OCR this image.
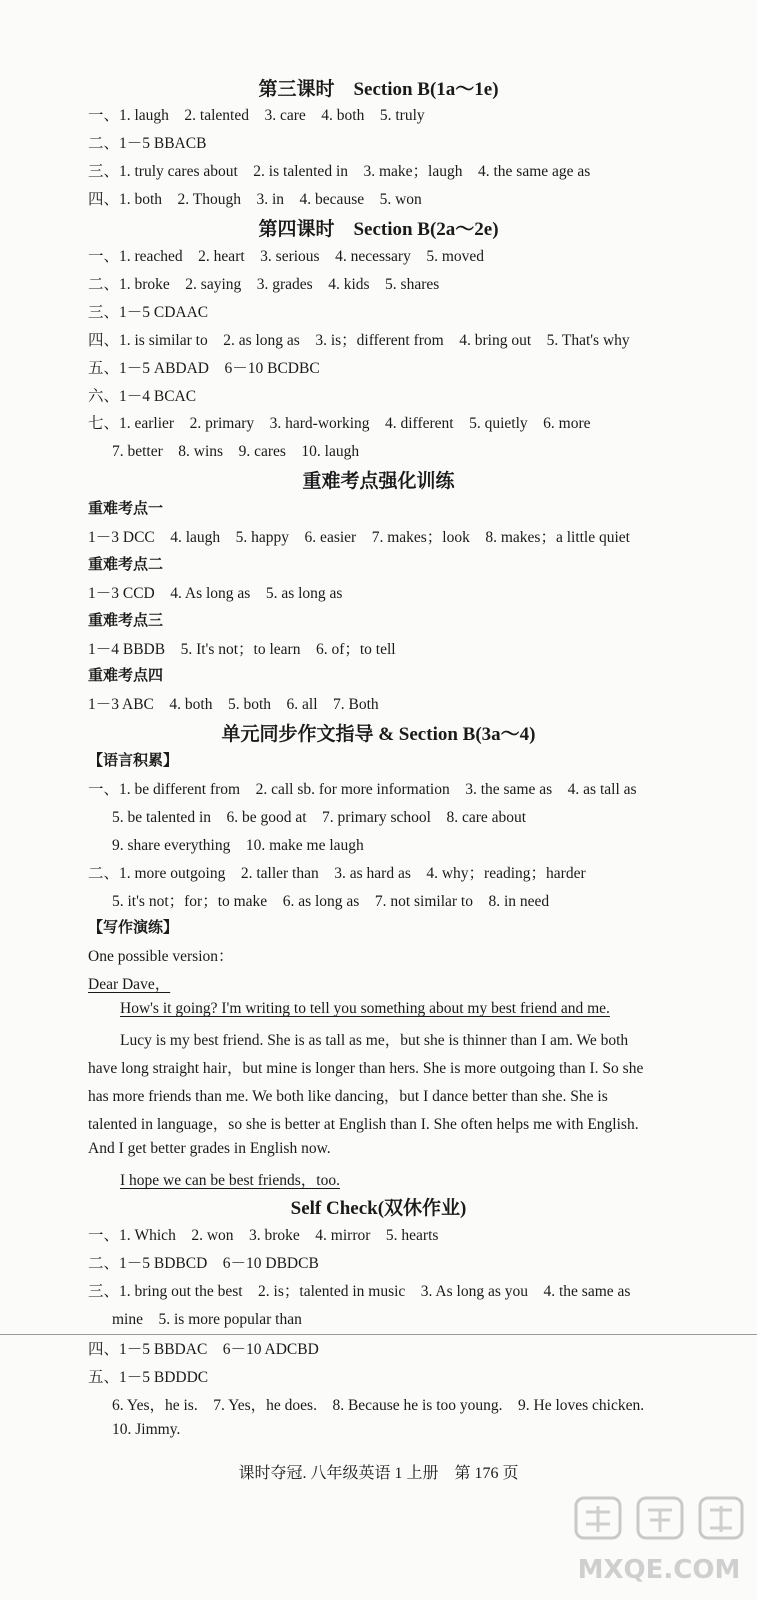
第三课时　Section B(1a～1e)
一、1. laugh　2. talented　3. care　4. both　5. truly
二、1－5 BBACB
三、1. truly cares about　2. is talented in　3. make；laugh　4. the same age as
四、1. both　2. Though　3. in　4. because　5. won
第四课时　Section B(2a～2e)
一、1. reached　2. heart　3. serious　4. necessary　5. moved
二、1. broke　2. saying　3. grades　4. kids　5. shares
三、1－5 CDAAC
四、1. is similar to　2. as long as　3. is；different from　4. bring out　5. That's why
五、1－5 ABDAD　6－10 BCDBC
六、1－4 BCAC
七、1. earlier　2. primary　3. hard-working　4. different　5. quietly　6. more
7. better　8. wins　9. cares　10. laugh
重难考点强化训练
重难考点一
1－3 DCC　4. laugh　5. happy　6. easier　7. makes；look　8. makes；a little quiet
重难考点二
1－3 CCD　4. As long as　5. as long as
重难考点三
1－4 BBDB　5. It's not；to learn　6. of；to tell
重难考点四
1－3 ABC　4. both　5. both　6. all　7. Both
单元同步作文指导 & Section B(3a～4)
【语言积累】
一、1. be different from　2. call sb. for more information　3. the same as　4. as tall as
5. be talented in　6. be good at　7. primary school　8. care about
9. share everything　10. make me laugh
二、1. more outgoing　2. taller than　3. as hard as　4. why；reading；harder
5. it's not；for；to make　6. as long as　7. not similar to　8. in need
【写作演练】
One possible version：
Dear Dave，
How's it going? I'm writing to tell you something about my best friend and me.
Lucy is my best friend. She is as tall as me，but she is thinner than I am. We both
have long straight hair，but mine is longer than hers. She is more outgoing than I. So she
has more friends than me. We both like dancing，but I dance better than she. She is
talented in language，so she is better at English than I. She often helps me with English.
And I get better grades in English now.
I hope we can be best friends，too.
Self Check(双休作业)
一、1. Which　2. won　3. broke　4. mirror　5. hearts
二、1－5 BDBCD　6－10 DBDCB
三、1. bring out the best　2. is；talented in music　3. As long as you　4. the same as
mine　5. is more popular than
四、1－5 BBDAC　6－10 ADCBD
五、1－5 BDDDC
6. Yes，he is.　7. Yes，he does.　8. Because he is too young.　9. He loves chicken.
10. Jimmy.
课时夺冠. 八年级英语 1 上册　第 176 页
MXQE.COM
